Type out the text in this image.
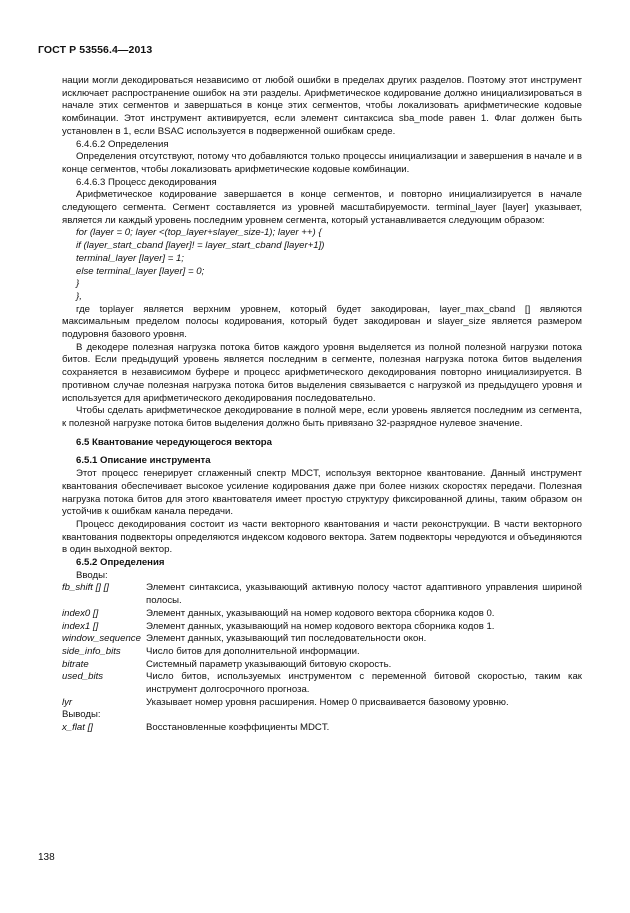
ГОСТ Р 53556.4—2013

нации могли декодироваться независимо от любой ошибки в пределах других разделов. Поэтому этот инструмент исключает распространение ошибок на эти разделы. Арифметическое кодирование должно инициализироваться в начале этих сегментов и завершаться в конце этих сегментов, чтобы локализовать арифметические кодовые комбинации. Этот инструмент активируется, если элемент синтаксиса sba_mode равен 1. Флаг должен быть установлен в 1, если BSAC используется в подверженной ошибкам среде.

6.4.6.2 Определения

Определения отсутствуют, потому что добавляются только процессы инициализации и завершения в начале и в конце сегментов, чтобы локализовать арифметические кодовые комбинации.

6.4.6.3 Процесс декодирования

Арифметическое кодирование завершается в конце сегментов, и повторно инициализируется в начале следующего сегмента. Сегмент составляется из уровней масштабируемости. terminal_layer [layer] указывает, является ли каждый уровень последним уровнем сегмента, который устанавливается следующим образом:

for (layer = 0; layer <(top_layer+slayer_size-1); layer ++) {

if (layer_start_cband [layer]! = layer_start_cband [layer+1])

terminal_layer [layer] = 1;

else terminal_layer [layer] = 0;

}

},

где toplayer является верхним уровнем, который будет закодирован, layer_max_cband [] являются максимальным пределом полосы кодирования, который будет закодирован и slayer_size является размером подуровня базового уровня.

В декодере полезная нагрузка потока битов каждого уровня выделяется из полной полезной нагрузки потока битов. Если предыдущий уровень является последним в сегменте, полезная нагрузка потока битов выделения сохраняется в независимом буфере и процесс арифметического декодирования повторно инициализируется. В противном случае полезная нагрузка потока битов выделения связывается с нагрузкой из предыдущего уровня и используется для арифметического декодирования последовательно.

Чтобы сделать арифметическое декодирование в полной мере, если уровень является последним из сегмента, к полезной нагрузке потока битов выделения должно быть привязано 32-разрядное нулевое значение.

6.5 Квантование чередующегося вектора

6.5.1 Описание инструмента

Этот процесс генерирует сглаженный спектр MDCT, используя векторное квантование. Данный инструмент квантования обеспечивает высокое усиление кодирования даже при более низких скоростях передачи. Полезная нагрузка потока битов для этого квантователя имеет простую структуру фиксированной длины, таким образом он устойчив к ошибкам канала передачи.

Процесс декодирования состоит из части векторного квантования и части реконструкции. В части векторного квантования подвекторы определяются индексом кодового вектора. Затем подвекторы чередуются и объединяются в один выходной вектор.

6.5.2 Определения

Вводы:

fb_shift [] []	Элемент синтаксиса, указывающий активную полосу частот адаптивного управления шириной полосы.
index0 []	Элемент данных, указывающий на номер кодового вектора сборника кодов 0.
index1 []	Элемент данных, указывающий на номер кодового вектора сборника кодов 1.
window_sequence Элемент данных, указывающий тип последовательности окон.
side_info_bits	Число битов для дополнительной информации.
bitrate	Системный параметр указывающий битовую скорость.
used_bits	Число битов, используемых инструментом с переменной битовой скоростью, таким как инструмент долгосрочного прогноза.
lyr	Указывает номер уровня расширения. Номер 0 присваивается базовому уровню.

Выводы:

x_flat []	Восстановленные коэффициенты MDCT.
138
